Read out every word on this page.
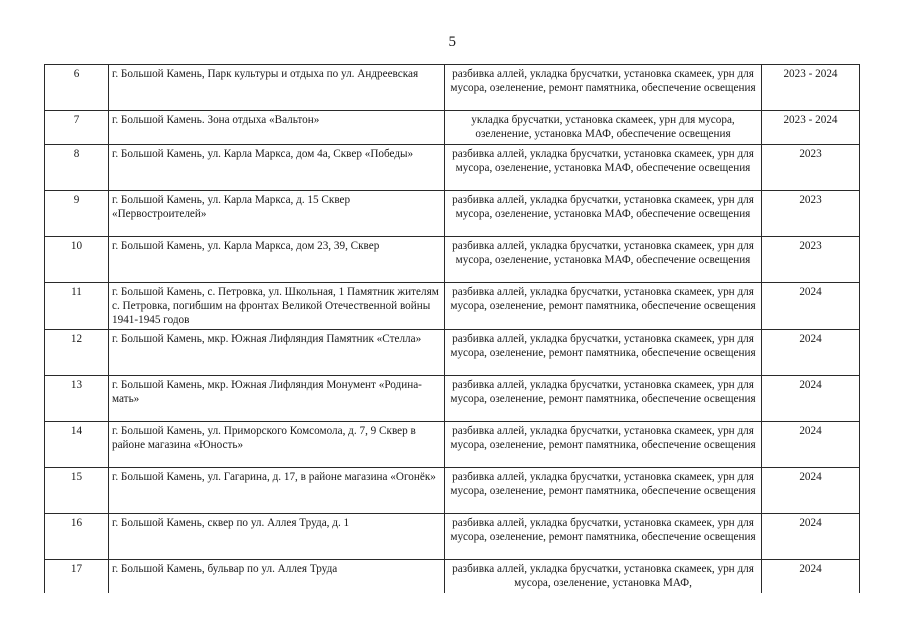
5
6	г. Большой Камень, Парк культуры и отдыха по ул. Андреевская	разбивка аллей, укладка брусчатки, установка скамеек, урн для мусора, озеленение, ремонт памятника, обеспечение освещения	2023 - 2024
7	г. Большой Камень. Зона отдыха «Вальтон»	укладка брусчатки, установка скамеек, урн для мусора, озеленение, установка МАФ, обеспечение освещения	2023 - 2024
8	г. Большой Камень, ул. Карла Маркса, дом 4а, Сквер «Победы»	разбивка аллей, укладка брусчатки, установка скамеек, урн для мусора, озеленение, установка МАФ, обеспечение освещения	2023
9	г. Большой Камень, ул. Карла Маркса, д. 15 Сквер «Первостроителей»	разбивка аллей, укладка брусчатки, установка скамеек, урн для мусора, озеленение, установка МАФ, обеспечение освещения	2023
10	г. Большой Камень, ул. Карла Маркса, дом 23, 39, Сквер	разбивка аллей, укладка брусчатки, установка скамеек, урн для мусора, озеленение, установка МАФ, обеспечение освещения	2023
11	г. Большой Камень, с. Петровка, ул. Школьная, 1 Памятник жителям с. Петровка, погибшим на фронтах Великой Отечественной войны 1941-1945 годов	разбивка аллей, укладка брусчатки, установка скамеек, урн для мусора, озеленение, ремонт памятника, обеспечение освещения	2024
12	г. Большой Камень, мкр. Южная Лифляндия Памятник «Стелла»	разбивка аллей, укладка брусчатки, установка скамеек, урн для мусора, озеленение, ремонт памятника, обеспечение освещения	2024
13	г. Большой Камень, мкр. Южная Лифляндия Монумент «Родина-мать»	разбивка аллей, укладка брусчатки, установка скамеек, урн для мусора, озеленение, ремонт памятника, обеспечение освещения	2024
14	г. Большой Камень, ул. Приморского Комсомола, д. 7, 9 Сквер в районе магазина «Юность»	разбивка аллей, укладка брусчатки, установка скамеек, урн для мусора, озеленение, ремонт памятника, обеспечение освещения	2024
15	г. Большой Камень, ул. Гагарина, д. 17, в районе магазина «Огонёк»	разбивка аллей, укладка брусчатки, установка скамеек, урн для мусора, озеленение, ремонт памятника, обеспечение освещения	2024
16	г. Большой Камень, сквер по ул. Аллея Труда, д. 1	разбивка аллей, укладка брусчатки, установка скамеек, урн для мусора, озеленение, ремонт памятника, обеспечение освещения	2024
17	г. Большой Камень, бульвар по ул. Аллея Труда	разбивка аллей, укладка брусчатки, установка скамеек, урн для мусора, озеленение, установка МАФ,	2024
